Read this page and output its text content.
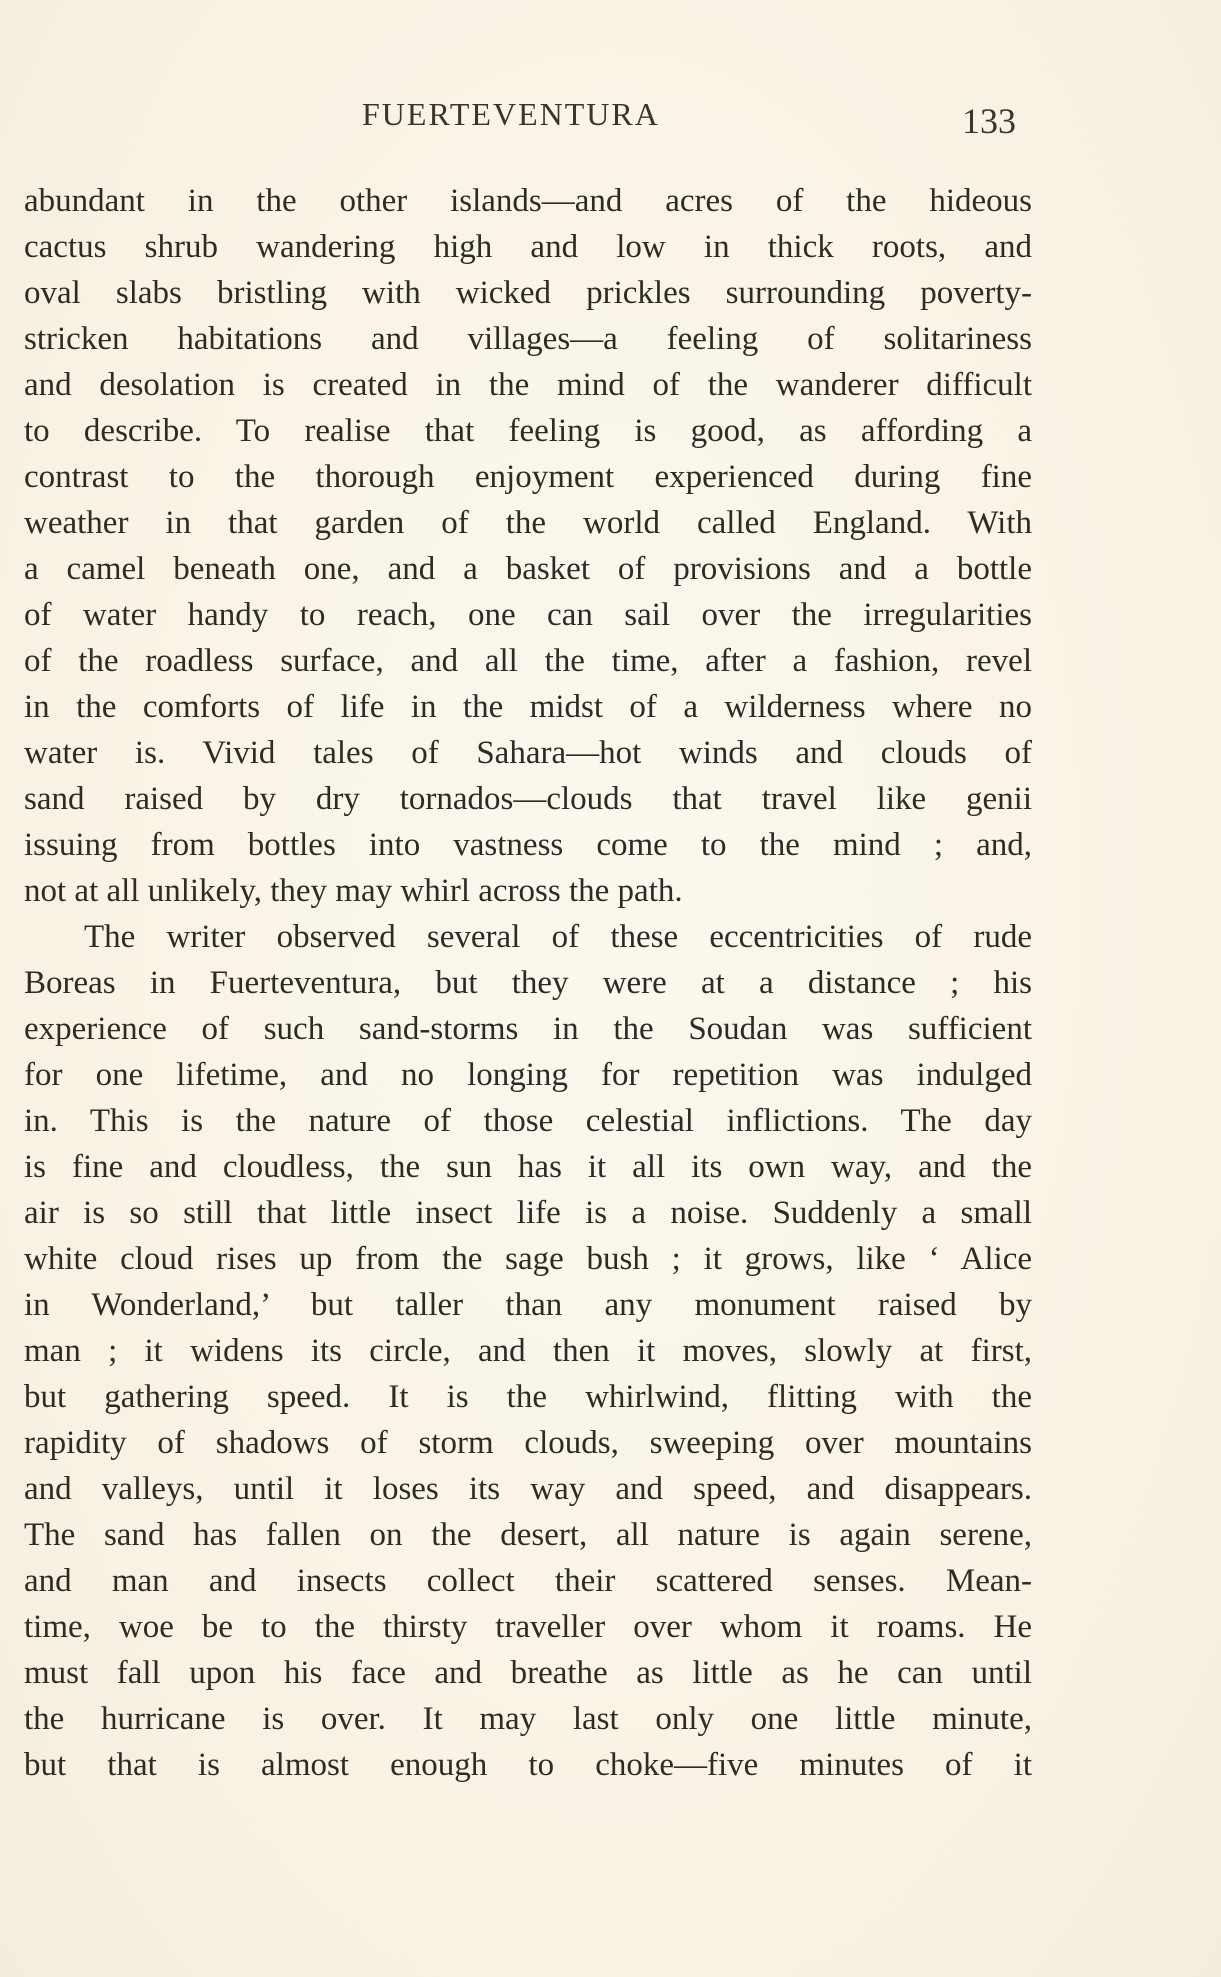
FUERTEVENTURA	133
abundant in the other islands—and acres of the hideous
cactus shrub wandering high and low in thick roots, and
oval slabs bristling with wicked prickles surrounding poverty-
stricken habitations and villages—a feeling of solitariness
and desolation is created in the mind of the wanderer difficult
to describe. To realise that feeling is good, as affording a
contrast to the thorough enjoyment experienced during fine
weather in that garden of the world called England. With
a camel beneath one, and a basket of provisions and a bottle
of water handy to reach, one can sail over the irregularities
of the roadless surface, and all the time, after a fashion, revel
in the comforts of life in the midst of a wilderness where no
water is. Vivid tales of Sahara—hot winds and clouds of
sand raised by dry tornados—clouds that travel like genii
issuing from bottles into vastness come to the mind ; and,
not at all unlikely, they may whirl across the path.
The writer observed several of these eccentricities of rude
Boreas in Fuerteventura, but they were at a distance ; his
experience of such sand-storms in the Soudan was sufficient
for one lifetime, and no longing for repetition was indulged
in. This is the nature of those celestial inflictions. The day
is fine and cloudless, the sun has it all its own way, and the
air is so still that little insect life is a noise. Suddenly a small
white cloud rises up from the sage bush ; it grows, like ‘ Alice
in Wonderland,’ but taller than any monument raised by
man ; it widens its circle, and then it moves, slowly at first,
but gathering speed. It is the whirlwind, flitting with the
rapidity of shadows of storm clouds, sweeping over mountains
and valleys, until it loses its way and speed, and disappears.
The sand has fallen on the desert, all nature is again serene,
and man and insects collect their scattered senses. Mean-
time, woe be to the thirsty traveller over whom it roams. He
must fall upon his face and breathe as little as he can until
the hurricane is over. It may last only one little minute,
but that is almost enough to choke—five minutes of it
